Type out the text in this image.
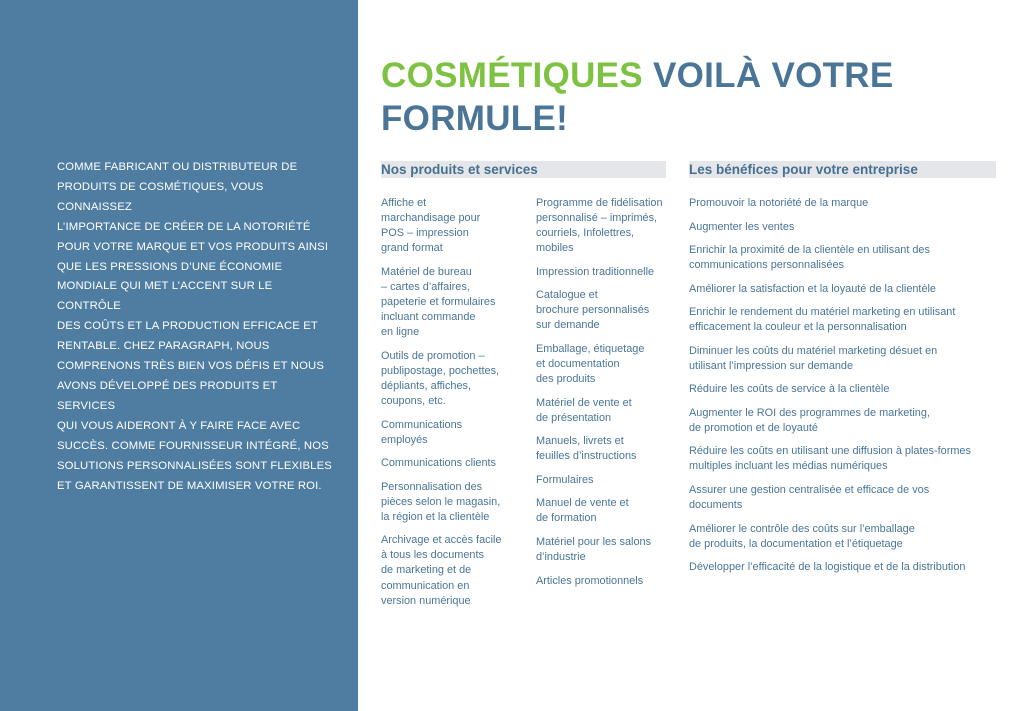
COMME FABRICANT OU DISTRIBUTEUR DE
PRODUITS DE COSMÉTIQUES, VOUS CONNAISSEZ
L’IMPORTANCE DE CRÉER DE LA NOTORIÉTÉ
POUR VOTRE MARQUE ET VOS PRODUITS AINSI
QUE LES PRESSIONS D’UNE ÉCONOMIE
MONDIALE QUI MET L’ACCENT SUR LE CONTRÔLE
DES COÛTS ET LA PRODUCTION EFFICACE ET
RENTABLE. CHEZ PARAGRAPH, NOUS
COMPRENONS TRÈS BIEN VOS DÉFIS ET NOUS
AVONS DÉVELOPPÉ DES PRODUITS ET SERVICES
QUI VOUS AIDERONT À Y FAIRE FACE AVEC
SUCCÈS. COMME FOURNISSEUR INTÉGRÉ, NOS
SOLUTIONS PERSONNALISÉES SONT FLEXIBLES
ET GARANTISSENT DE MAXIMISER VOTRE ROI.

COSMÉTIQUES VOILÀ VOTRE
FORMULE!
Nos produits et services	Les bénéfices pour votre entreprise
Affiche et
marchandisage pour
POS – impression
grand format
Matériel de bureau
– cartes d’affaires,
papeterie et formulaires
incluant commande
en ligne
Outils de promotion –
publipostage, pochettes,
dépliants, affiches,
coupons, etc.
Communications
employés
Communications clients
Personnalisation des
pièces selon le magasin,
la région et la clientèle
Archivage et accès facile
à tous les documents
de marketing et de
communication en
version numérique
Programme de fidélisation
personnalisé – imprimés,
courriels, Infolettres,
mobiles
Impression traditionnelle
Catalogue et
brochure personnalisés
sur demande
Emballage, étiquetage
et documentation
des produits
Matériel de vente et
de présentation
Manuels, livrets et
feuilles d’instructions
Formulaires
Manuel de vente et
de formation
Matériel pour les salons
d’industrie
Articles promotionnels
Promouvoir la notoriété de la marque
Augmenter les ventes
Enrichir la proximité de la clientèle en utilisant des
communications personnalisées
Améliorer la satisfaction et la loyauté de la clientèle
Enrichir le rendement du matériel marketing en utilisant
efficacement la couleur et la personnalisation
Diminuer les coûts du matériel marketing désuet en
utilisant l’impression sur demande
Réduire les coûts de service à la clientèle
Augmenter le ROI des programmes de marketing,
de promotion et de loyauté
Réduire les coûts en utilisant une diffusion à plates-formes
multiples incluant les médias numériques
Assurer une gestion centralisée et efficace de vos
documents
Améliorer le contrôle des coûts sur l’emballage
de produits, la documentation et l’étiquetage
Développer l’efficacité de la logistique et de la distribution
